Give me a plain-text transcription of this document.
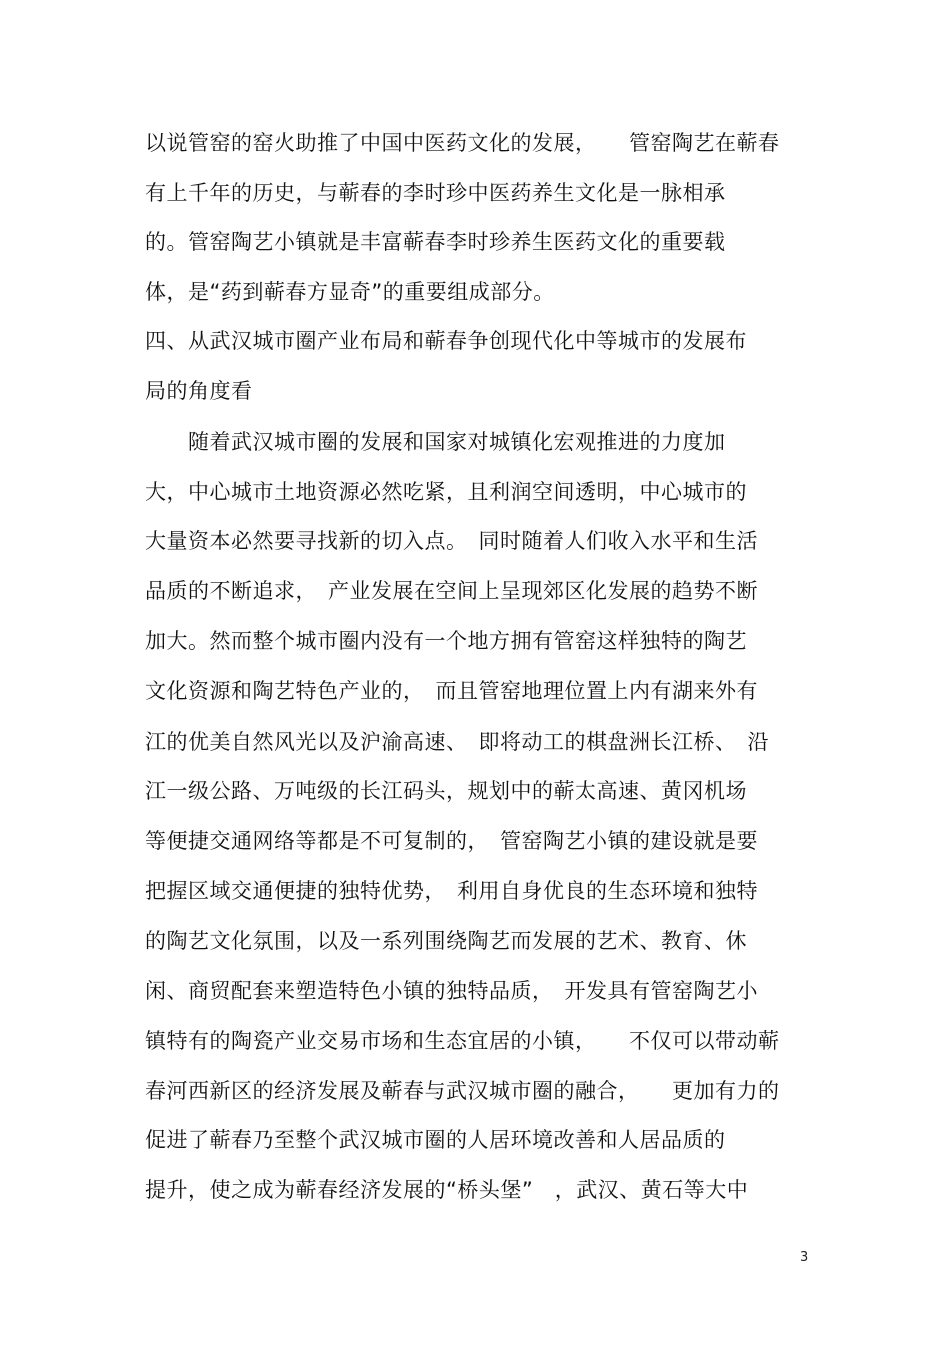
以说管窑的窑火助推了中国中医药文化的发展，　　管窑陶艺在蕲春
有上千年的历史，与蕲春的李时珍中医药养生文化是一脉相承
的。管窑陶艺小镇就是丰富蕲春李时珍养生医药文化的重要载
体，是“药到蕲春方显奇”的重要组成部分。
四、从武汉城市圈产业布局和蕲春争创现代化中等城市的发展布
局的角度看
　　随着武汉城市圈的发展和国家对城镇化宏观推进的力度加
大，中心城市土地资源必然吃紧，且利润空间透明，中心城市的
大量资本必然要寻找新的切入点。　同时随着人们收入水平和生活
品质的不断追求，　产业发展在空间上呈现郊区化发展的趋势不断
加大。然而整个城市圈内没有一个地方拥有管窑这样独特的陶艺
文化资源和陶艺特色产业的，　而且管窑地理位置上内有湖来外有
江的优美自然风光以及沪渝高速、　即将动工的棋盘洲长江桥、　沿
江一级公路、万吨级的长江码头，规划中的蕲太高速、黄冈机场
等便捷交通网络等都是不可复制的，　管窑陶艺小镇的建设就是要
把握区域交通便捷的独特优势，　利用自身优良的生态环境和独特
的陶艺文化氛围，以及一系列围绕陶艺而发展的艺术、教育、休
闲、商贸配套来塑造特色小镇的独特品质，　开发具有管窑陶艺小
镇特有的陶瓷产业交易市场和生态宜居的小镇，　　不仅可以带动蕲
春河西新区的经济发展及蕲春与武汉城市圈的融合，　　更加有力的
促进了蕲春乃至整个武汉城市圈的人居环境改善和人居品质的
提升，使之成为蕲春经济发展的“桥头堡”　，武汉、黄石等大中
3
